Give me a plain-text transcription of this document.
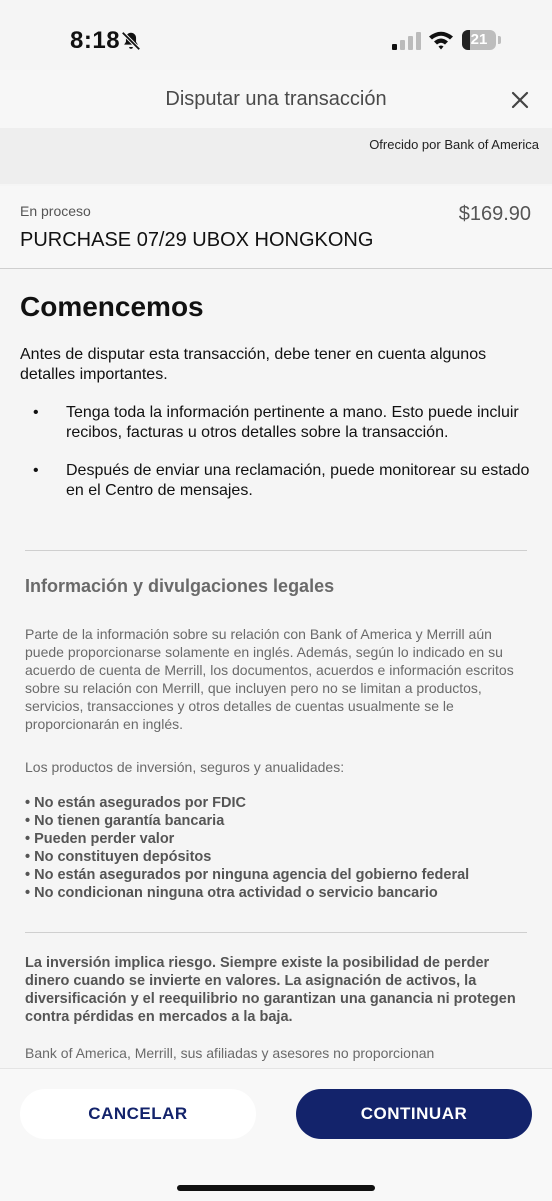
8:18	21
Disputar una transacción
Ofrecido por Bank of America
En proceso	$169.90
PURCHASE 07/29 UBOX HONGKONG
Comencemos
Antes de disputar esta transacción, debe tener en cuenta algunos detalles importantes.
• Tenga toda la información pertinente a mano. Esto puede incluir recibos, facturas u otros detalles sobre la transacción.
• Después de enviar una reclamación, puede monitorear su estado en el Centro de mensajes.
Información y divulgaciones legales
Parte de la información sobre su relación con Bank of America y Merrill aún puede proporcionarse solamente en inglés. Además, según lo indicado en su acuerdo de cuenta de Merrill, los documentos, acuerdos e información escritos sobre su relación con Merrill, que incluyen pero no se limitan a productos, servicios, transacciones y otros detalles de cuentas usualmente se le proporcionarán en inglés.
Los productos de inversión, seguros y anualidades:
• No están asegurados por FDIC
• No tienen garantía bancaria
• Pueden perder valor
• No constituyen depósitos
• No están asegurados por ninguna agencia del gobierno federal
• No condicionan ninguna otra actividad o servicio bancario
La inversión implica riesgo. Siempre existe la posibilidad de perder dinero cuando se invierte en valores. La asignación de activos, la diversificación y el reequilibrio no garantizan una ganancia ni protegen contra pérdidas en mercados a la baja.
Bank of America, Merrill, sus afiliadas y asesores no proporcionan
CANCELAR	CONTINUAR
